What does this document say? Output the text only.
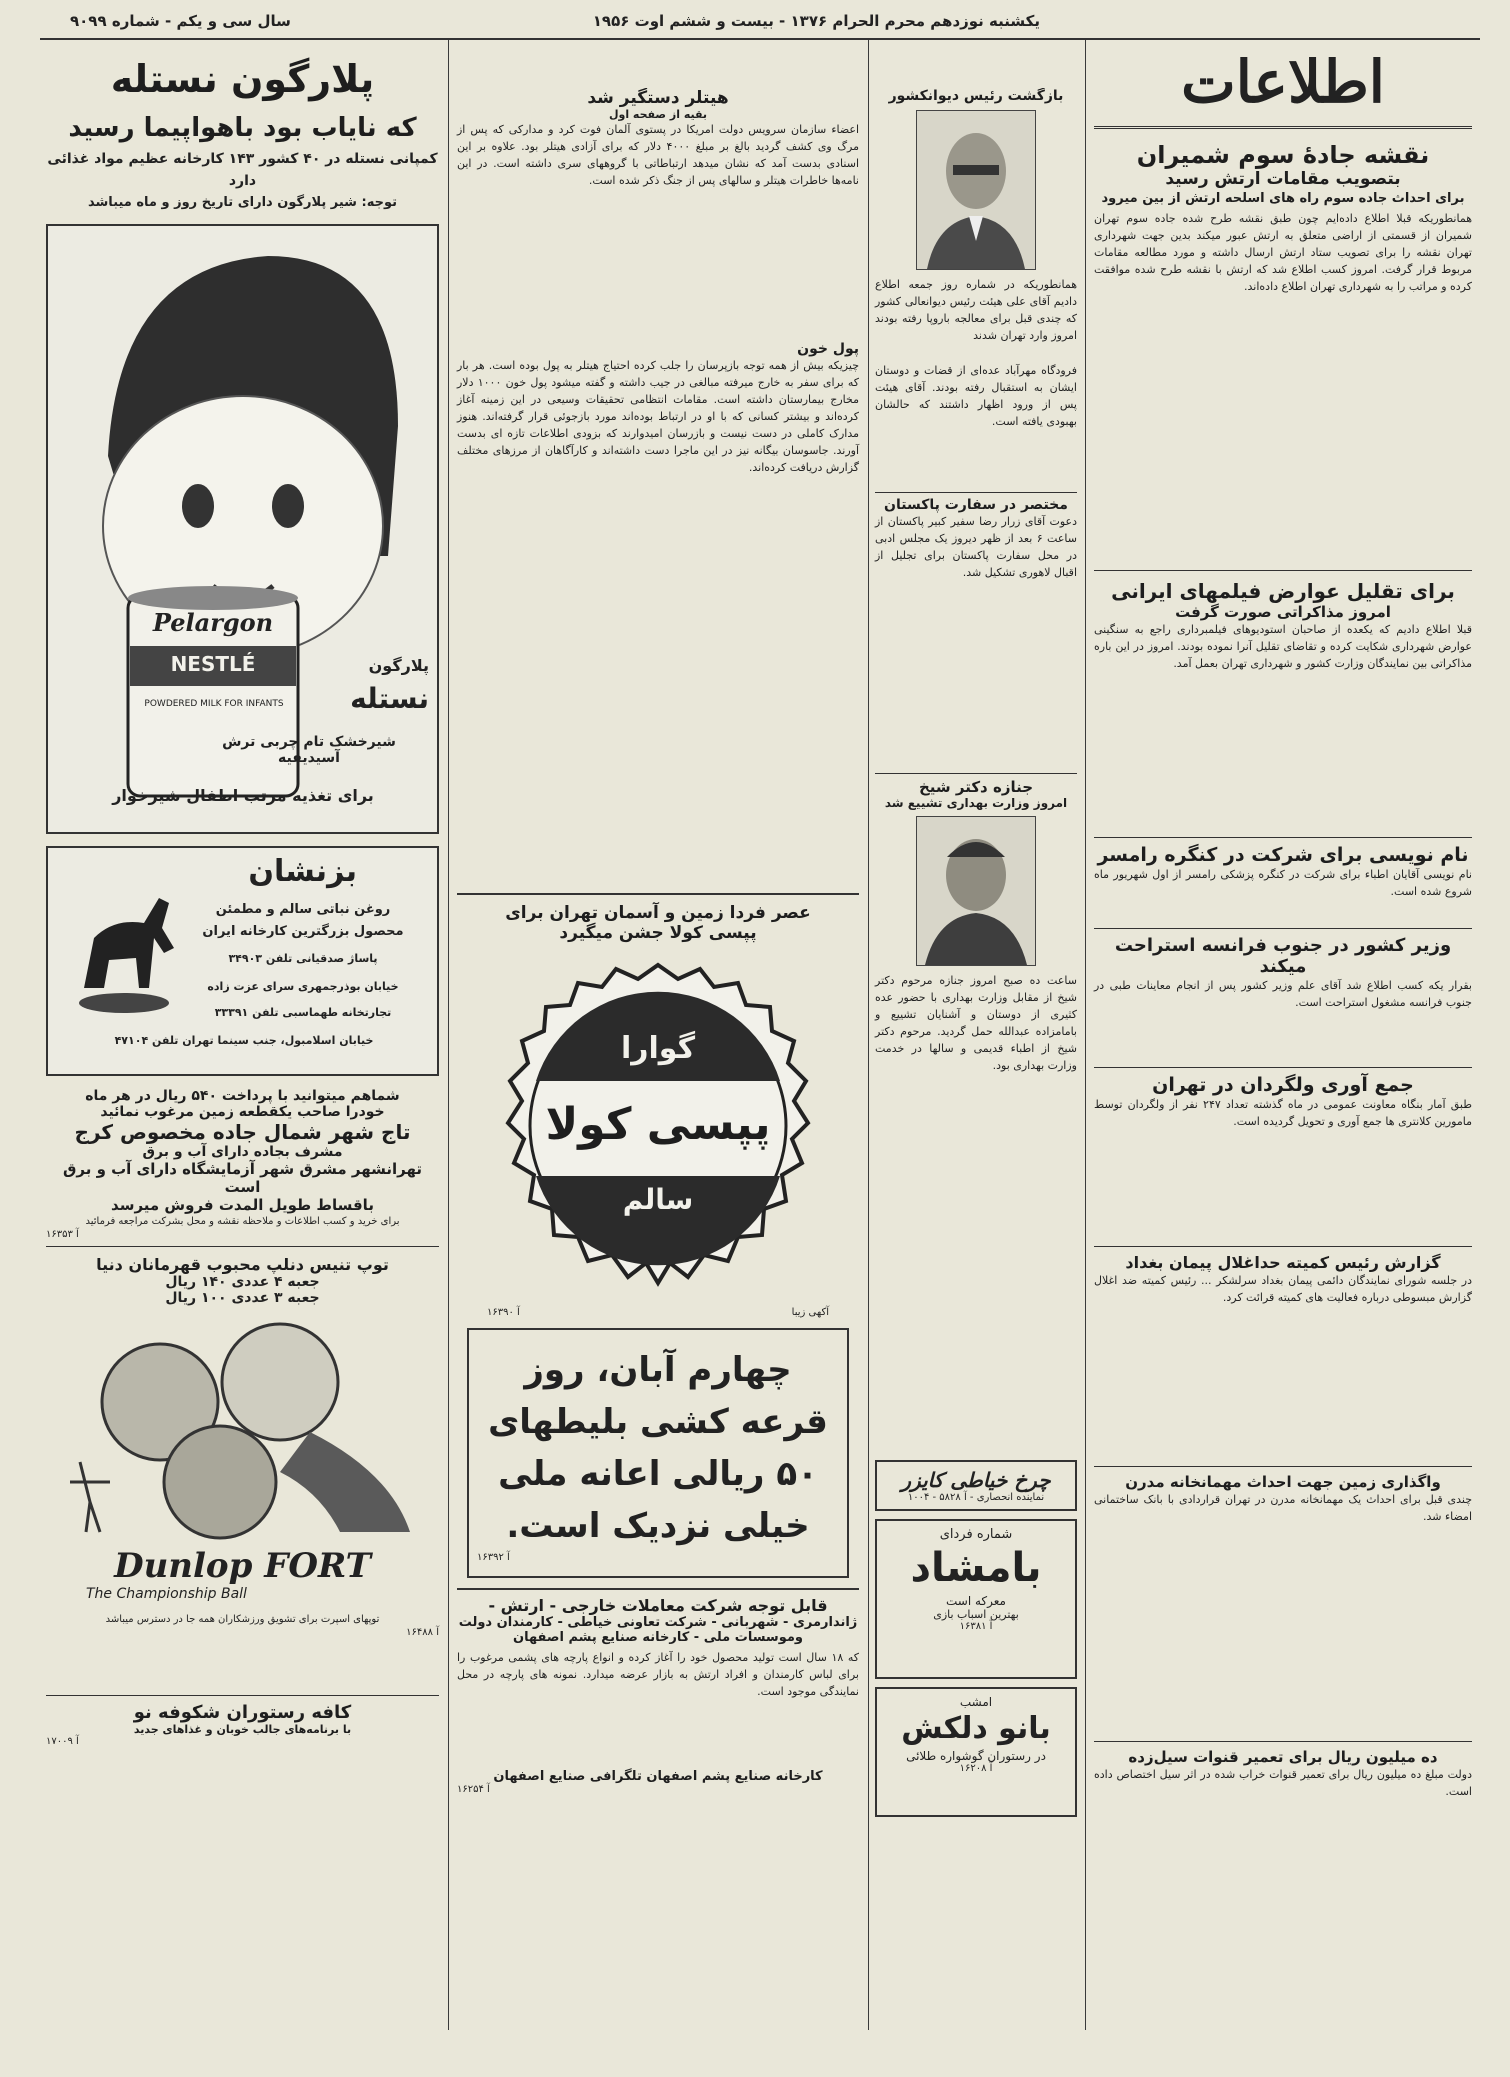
یکشنبه نوزدهم محرم الحرام ۱۳۷۶ - بیست و ششم اوت ۱۹۵۶
سال سی و یکم - شماره ۹۰۹۹
اطلاعات
نقشه جادهٔ سوم شمیران
بتصویب مقامات ارتش رسید
برای احداث جاده سوم راه های اسلحه ارتش از بین میرود
همانطوریکه قبلا اطلاع داده‌ایم چون طبق نقشه طرح شده جاده سوم تهران شمیران از قسمتی از اراضی متعلق به ارتش عبور میکند بدین جهت شهرداری تهران نقشه را برای تصویب ستاد ارتش ارسال داشته و مورد مطالعه مقامات مربوط قرار گرفت. امروز کسب اطلاع شد که ارتش با نقشه طرح شده موافقت کرده و مراتب را به شهرداری تهران اطلاع داده‌اند.
برای تقلیل عوارض فیلمهای ایرانی
امروز مذاکراتی صورت گرفت
قبلا اطلاع دادیم که یکعده از صاحبان استودیوهای فیلمبرداری راجع به سنگینی عوارض شهرداری شکایت کرده و تقاضای تقلیل آنرا نموده بودند. امروز در این باره مذاکراتی بین نمایندگان وزارت کشور و شهرداری تهران بعمل آمد.
نام نویسی برای شرکت در کنگره رامسر
نام نویسی آقایان اطباء برای شرکت در کنگره پزشکی رامسر از اول شهریور ماه شروع شده است.
وزیر کشور در جنوب فرانسه استراحت میکند
بقرار یکه کسب اطلاع شد آقای علم وزیر کشور پس از انجام معاینات طبی در جنوب فرانسه مشغول استراحت است.
جمع آوری ولگردان در تهران
طبق آمار بنگاه معاونت عمومی در ماه گذشته تعداد ۲۴۷ نفر از ولگردان توسط مامورین کلانتری ها جمع آوری و تحویل گردیده است.
گزارش رئیس کمیته حداغلال پیمان بغداد
در جلسه شورای نمایندگان دائمی پیمان بغداد سرلشکر ... رئیس کمیته ضد اغلال گزارش مبسوطی درباره فعالیت های کمیته قرائت کرد.
واگذاری زمین جهت احداث مهمانخانه مدرن
چندی قبل برای احداث یک مهمانخانه مدرن در تهران قراردادی با بانک ساختمانی امضاء شد.
ده میلیون ریال برای تعمیر قنوات سیل‌زده
دولت مبلغ ده میلیون ریال برای تعمیر قنوات خراب شده در اثر سیل اختصاص داده است.
بازگشت رئیس دیوانکشور
همانطوریکه در شماره روز جمعه اطلاع دادیم آقای علی هیئت رئیس دیوانعالی کشور که چندی قبل برای معالجه باروپا رفته بودند امروز وارد تهران شدند
فرودگاه مهرآباد عده‌ای از قضات و دوستان ایشان به استقبال رفته بودند. آقای هیئت پس از ورود اظهار داشتند که حالشان بهبودی یافته است.
مختصر در سفارت پاکستان
دعوت آقای زرار رضا سفیر کبیر پاکستان از ساعت ۶ بعد از ظهر دیروز یک مجلس ادبی در محل سفارت پاکستان برای تجلیل از اقبال لاهوری تشکیل شد.
جنازه دکتر شیخ
امروز وزارت بهداری تشییع شد
ساعت ده صبح امروز جنازه مرحوم دکتر شیخ از مقابل وزارت بهداری با حضور عده کثیری از دوستان و آشنایان تشییع و بامامزاده عبدالله حمل گردید. مرحوم دکتر شیخ از اطباء قدیمی و سالها در خدمت وزارت بهداری بود.
چرخ خیاطی کایزر
نماینده انحصاری - آ ۵۸۲۸ - ۱۰۰۴
شماره فردای
بامشاد
معرکه است
بهترین اسباب بازی
آ ۱۶۳۸۱
امشب
بانو دلکش
در رستوران گوشواره طلائی
آ ۱۶۲۰۸
هیتلر دستگیر شد
بقیه از صفحه اول
اعضاء سازمان سرویس دولت امریکا در پستوی آلمان فوت کرد و مدارکی که پس از مرگ وی کشف گردید بالغ بر مبلغ ۴۰۰۰ دلار که برای آزادی هیتلر بود. علاوه بر این اسنادی بدست آمد که نشان میدهد ارتباطاتی با گروههای سری داشته است. در این نامه‌ها خاطرات هیتلر و سالهای پس از جنگ ذکر شده است.
پول خون
چیزیکه بیش از همه توجه بازپرسان را جلب کرده احتیاج هیتلر به پول بوده است. هر بار که برای سفر به خارج میرفته مبالغی در جیب داشته و گفته میشود پول خون ۱۰۰۰ دلار مخارج بیمارستان داشته است. مقامات انتظامی تحقیقات وسیعی در این زمینه آغاز کرده‌اند و بیشتر کسانی که با او در ارتباط بوده‌اند مورد بازجوئی قرار گرفته‌اند. هنوز مدارک کاملی در دست نیست و بازرسان امیدوارند که بزودی اطلاعات تازه ای بدست آورند. جاسوسان بیگانه نیز در این ماجرا دست داشته‌اند و کارآگاهان از مرزهای مختلف گزارش دریافت کرده‌اند.
عصر فردا زمین و آسمان تهران برای
پپسی کولا جشن میگیرد
گوارا
پپسی کولا
سالم
آکهی زیبا
آ ۱۶۳۹۰
چهارم آبان، روز
قرعه کشی بلیطهای
۵۰ ریالی اعانه ملی
خیلی نزدیک است.
آ ۱۶۳۹۲
قابل توجه شرکت معاملات خارجی - ارتش -
ژاندارمری - شهربانی - شرکت تعاونی خیاطی - کارمندان دولت وموسسات ملی - کارخانه صنایع پشم اصفهان
که ۱۸ سال است تولید محصول خود را آغاز کرده و انواع پارچه های پشمی مرغوب را برای لباس کارمندان و افراد ارتش به بازار عرضه میدارد. نمونه های پارچه در محل نمایندگی موجود است.
کارخانه صنایع پشم اصفهان تلگرافی صنایع اصفهان
آ ۱۶۲۵۴
پلارگون نستله
که نایاب بود باهواپیما رسید
کمپانی نستله در ۴۰ کشور ۱۴۳ کارخانه عظیم مواد غذائی دارد
توجه: شیر پلارگون دارای تاریخ روز و ماه میباشد
Pelargon
NESTLÉ
POWDERED MILK FOR INFANTS
پلارگون
نستله
شیرخشک تام چربی ترش آسیدیفیه
برای تغذیه مرتب اطفال شیرخوار
بزنشان
روغن نباتی سالم و مطمئن
محصول بزرگترین کارخانه ایران
پاساژ صدقیانی تلفن ۳۴۹۰۳
خیابان بوذرجمهری سرای عزت زاده
تجارتخانه طهماسبی تلفن ۳۳۳۹۱
خیابان اسلامبول، جنب سینما تهران تلفن ۴۷۱۰۴
شماهم میتوانید با پرداخت ۵۴۰ ریال در هر ماه
خودرا صاحب یکقطعه زمین مرغوب نمائید
تاج شهر شمال جاده مخصوص کرج
مشرف بجاده دارای آب و برق
تهرانشهر مشرق شهر آزمایشگاه دارای آب و برق است
باقساط طویل المدت فروش میرسد
برای خرید و کسب اطلاعات و ملاحظه نقشه و محل بشرکت مراجعه فرمائید
آ ۱۶۳۵۳
توپ تنیس دنلپ محبوب قهرمانان دنیا
جعبه ۴ عددی ۱۴۰ ریال
جعبه ۳ عددی ۱۰۰ ریال
Dunlop FORT
The Championship Ball
توپهای اسپرت برای تشویق ورزشکاران همه جا در دسترس میباشد
آ ۱۶۴۸۸
کافه رستوران شکوفه نو
با برنامه‌های جالب خوبان و غذاهای جدید
آ ۱۷۰۰۹
